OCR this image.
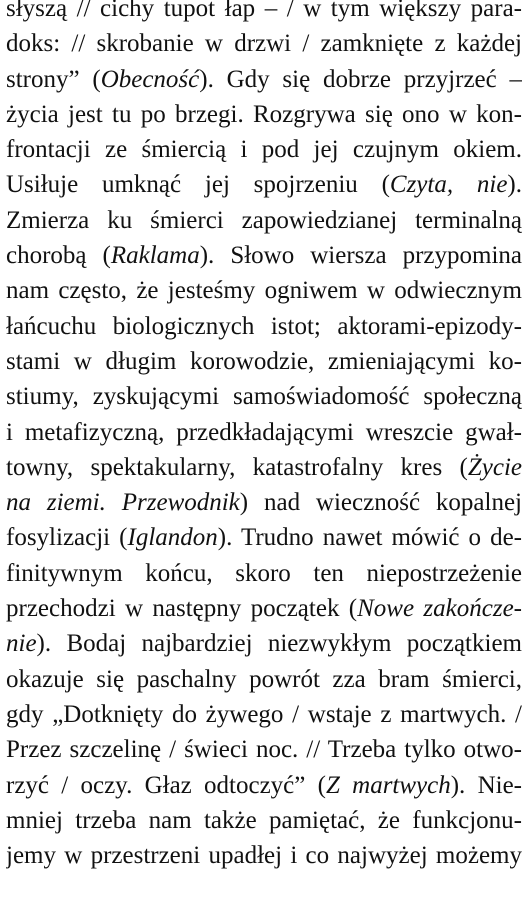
słyszą // cichy tupot łap – / w tym większy para-
doks: // skrobanie w drzwi / zamknięte z każdej
strony” (Obecność). Gdy się dobrze przyjrzeć –
życia jest tu po brzegi. Rozgrywa się ono w kon-
frontacji ze śmiercią i pod jej czujnym okiem.
Usiłuje umknąć jej spojrzeniu (Czyta, nie).
Zmierza ku śmierci zapowiedzianej terminalną
chorobą (Raklama). Słowo wiersza przypomina
nam często, że jesteśmy ogniwem w odwiecznym
łańcuchu biologicznych istot; aktorami-epizody-
stami w długim korowodzie, zmieniającymi ko-
stiumy, zyskującymi samoświadomość społeczną
i metafizyczną, przedkładającymi wreszcie gwał-
towny, spektakularny, katastrofalny kres (Życie
na ziemi. Przewodnik) nad wieczność kopalnej
fosylizacji (Iglandon). Trudno nawet mówić o de-
finitywnym końcu, skoro ten niepostrzeżenie
przechodzi w następny początek (Nowe zakończe-
nie). Bodaj najbardziej niezwykłym początkiem
okazuje się paschalny powrót zza bram śmierci,
gdy „Dotknięty do żywego / wstaje z martwych. /
Przez szczelinę / świeci noc. // Trzeba tylko otwo-
rzyć / oczy. Głaz odtoczyć” (Z martwych). Nie-
mniej trzeba nam także pamiętać, że funkcjonu-
jemy w przestrzeni upadłej i co najwyżej możemy
